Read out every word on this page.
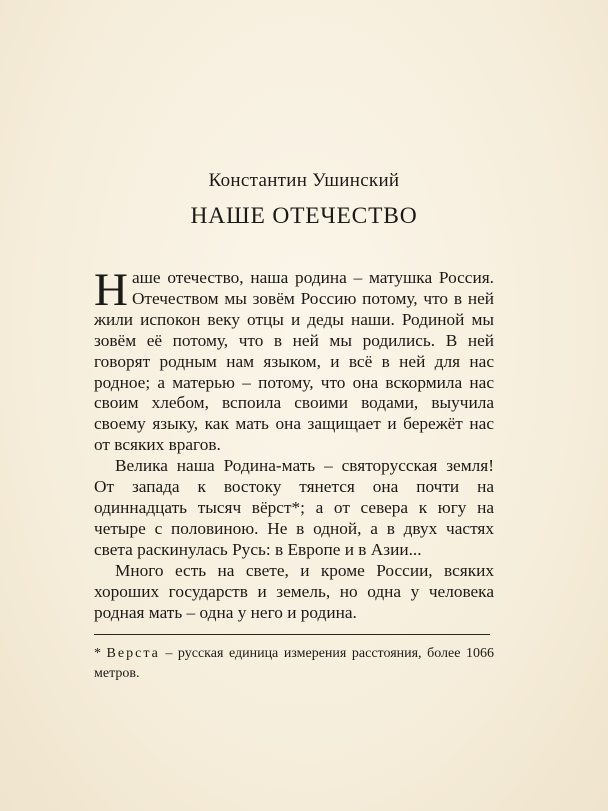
Константин Ушинский
НАШЕ ОТЕЧЕСТВО

Наше отечество, наша родина – матушка Россия. Отечеством мы зовём Россию потому, что в ней жили испокон веку отцы и деды наши. Родиной мы зовём её потому, что в ней мы родились. В ней говорят родным нам языком, и всё в ней для нас родное; а матерью – потому, что она вскормила нас своим хлебом, вспоила своими водами, выучила своему языку, как мать она защищает и бережёт нас от всяких врагов.

Велика наша Родина-мать – святорусская земля! От запада к востоку тянется она почти на одиннадцать тысяч вёрст*; а от севера к югу на четыре с половиною. Не в одной, а в двух частях света раскинулась Русь: в Европе и в Азии...

Много есть на свете, и кроме России, всяких хороших государств и земель, но одна у человека родная мать – одна у него и родина.

* Верста – русская единица измерения расстояния, более 1066 метров.
